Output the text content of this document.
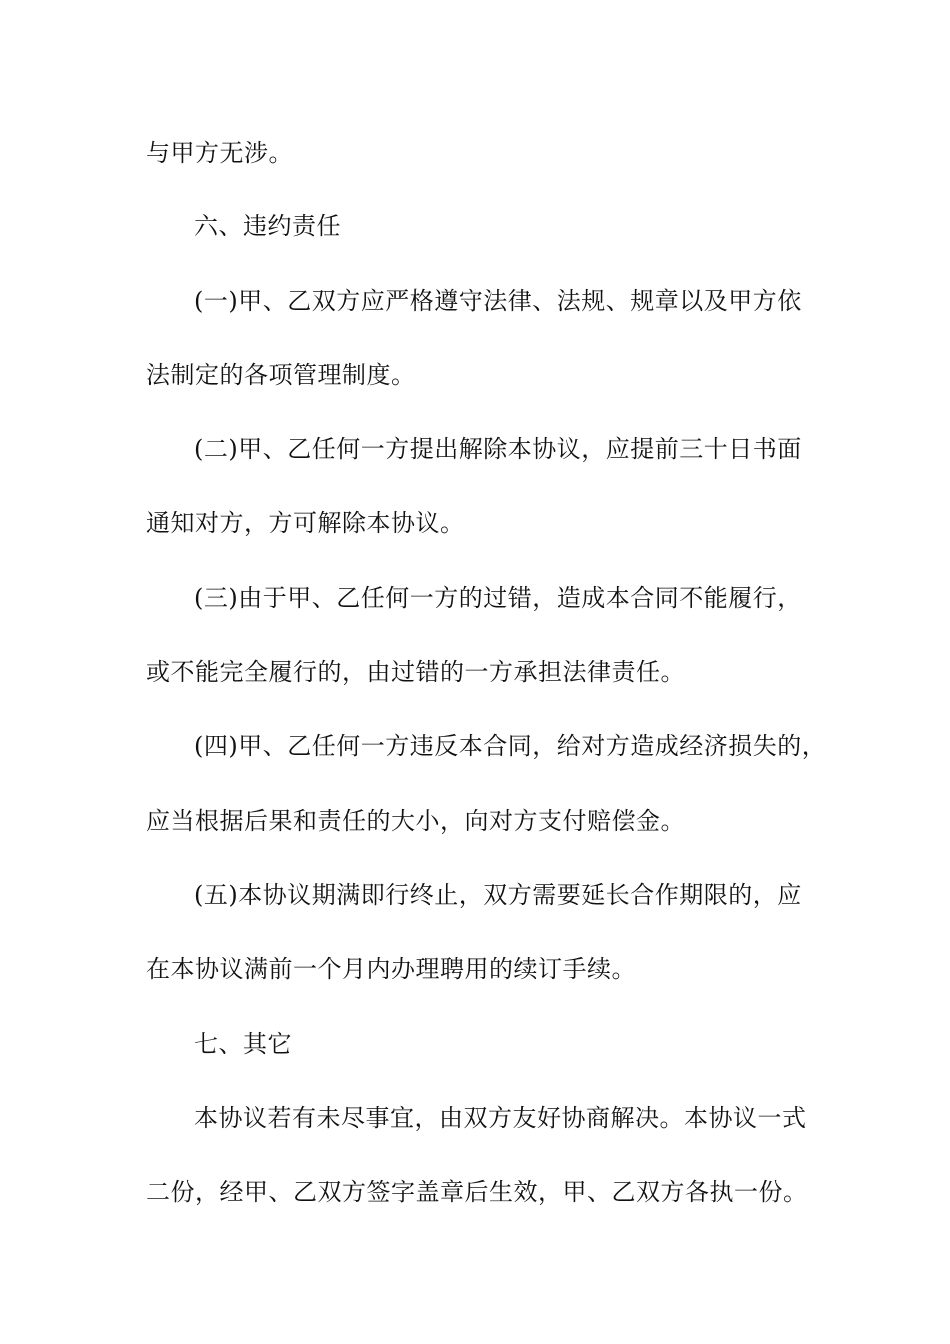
与甲方无涉。
六、违约责任
(一)甲、乙双方应严格遵守法律、法规、规章以及甲方依
法制定的各项管理制度。
(二)甲、乙任何一方提出解除本协议，应提前三十日书面
通知对方，方可解除本协议。
(三)由于甲、乙任何一方的过错，造成本合同不能履行，
或不能完全履行的，由过错的一方承担法律责任。
(四)甲、乙任何一方违反本合同，给对方造成经济损失的，
应当根据后果和责任的大小，向对方支付赔偿金。
(五)本协议期满即行终止，双方需要延长合作期限的，应
在本协议满前一个月内办理聘用的续订手续。
七、其它
本协议若有未尽事宜，由双方友好协商解决。本协议一式
二份，经甲、乙双方签字盖章后生效，甲、乙双方各执一份。
